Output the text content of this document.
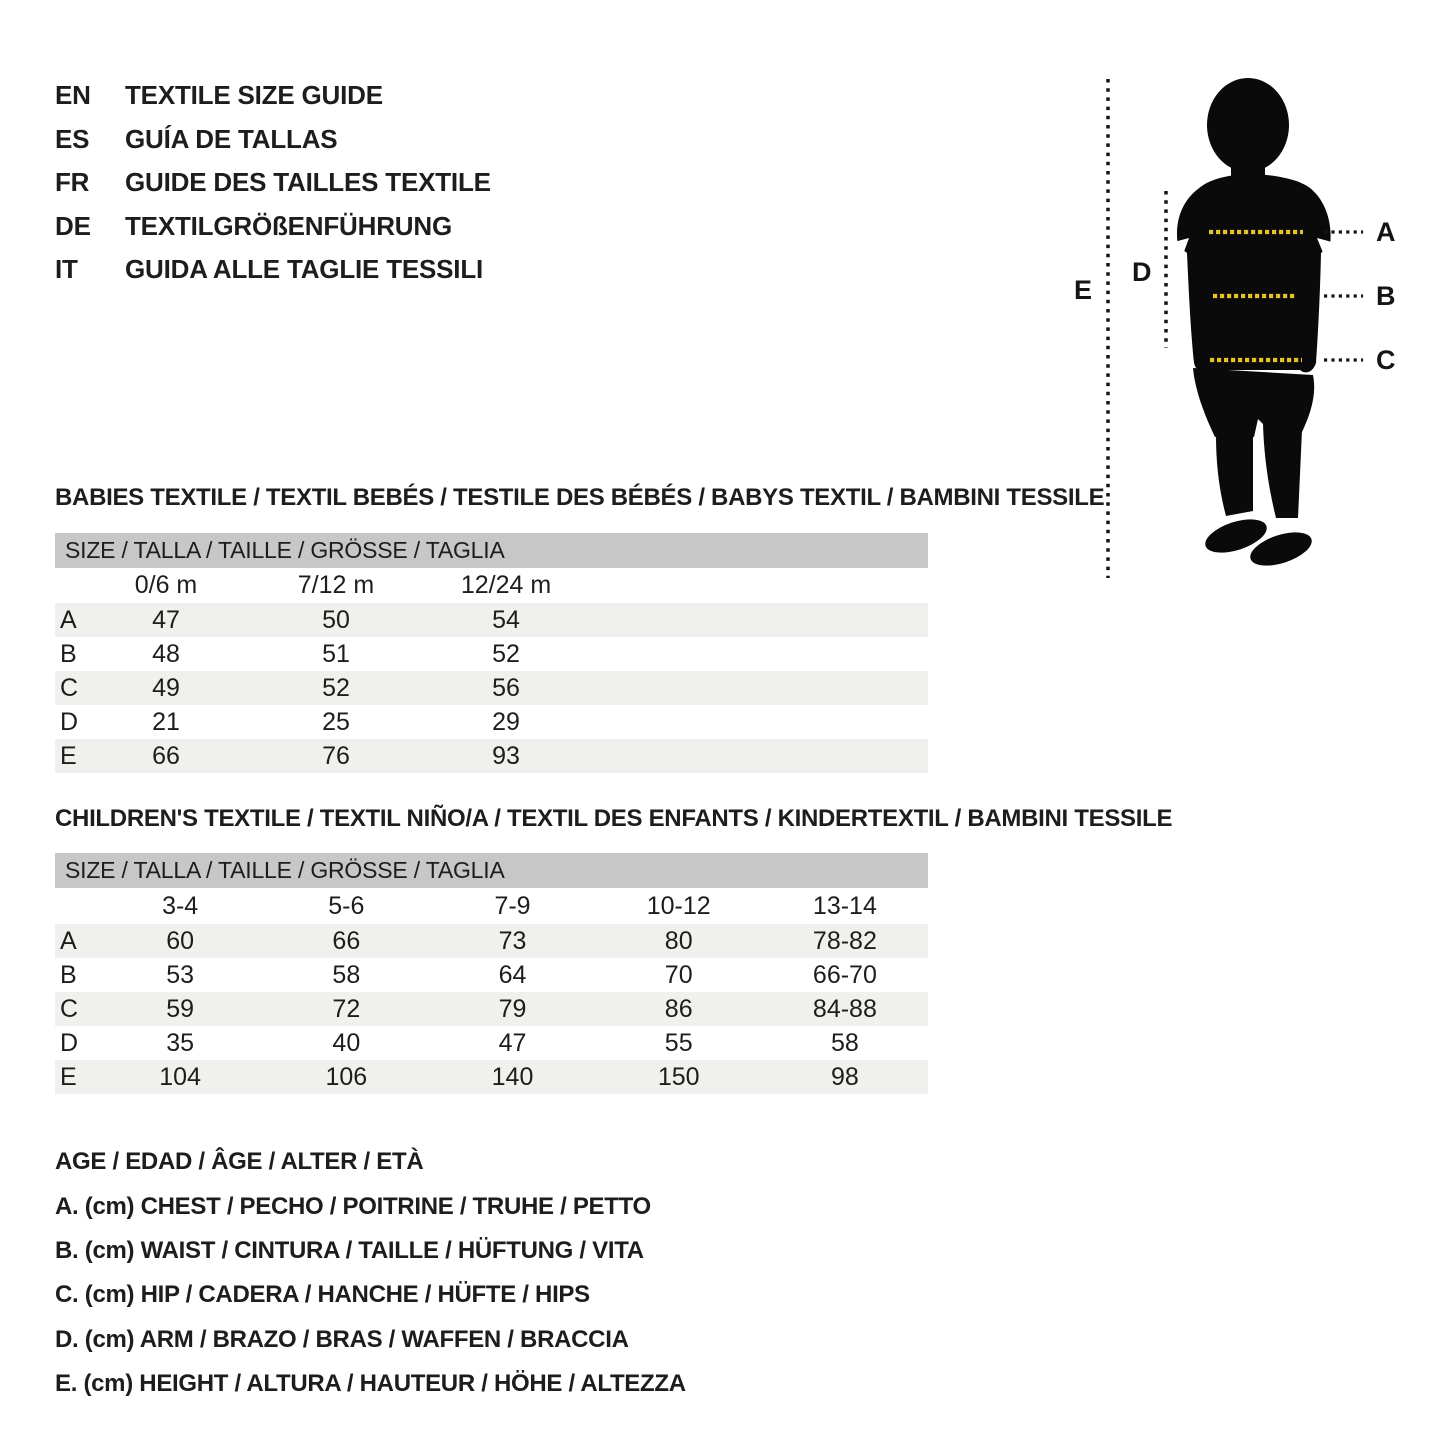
EN	TEXTILE SIZE GUIDE
ES	GUÍA DE TALLAS
FR	GUIDE DES TAILLES TEXTILE
DE	TEXTILGRÖßENFÜHRUNG
IT	GUIDA ALLE TAGLIE TESSILI
E
D
A
B
C
BABIES TEXTILE / TEXTIL BEBÉS / TESTILE DES BÉBÉS / BABYS TEXTIL / BAMBINI TESSILE
SIZE / TALLA / TAILLE / GRÖSSE / TAGLIA
	0/6 m	7/12 m	12/24 m	
A	47	50	54	
B	48	51	52	
C	49	52	56	
D	21	25	29	
E	66	76	93	
CHILDREN'S TEXTILE / TEXTIL NIÑO/A / TEXTIL DES ENFANTS / KINDERTEXTIL / BAMBINI TESSILE
SIZE / TALLA / TAILLE / GRÖSSE / TAGLIA
	3-4	5-6	7-9	10-12	13-14
A	60	66	73	80	78-82
B	53	58	64	70	66-70
C	59	72	79	86	84-88
D	35	40	47	55	58
E	104	106	140	150	98
AGE / EDAD / ÂGE / ALTER / ETÀ
A. (cm) CHEST / PECHO / POITRINE / TRUHE / PETTO
B. (cm) WAIST / CINTURA / TAILLE / HÜFTUNG / VITA
C. (cm) HIP / CADERA / HANCHE / HÜFTE / HIPS
D. (cm) ARM / BRAZO / BRAS / WAFFEN / BRACCIA
E. (cm) HEIGHT / ALTURA / HAUTEUR / HÖHE / ALTEZZA
